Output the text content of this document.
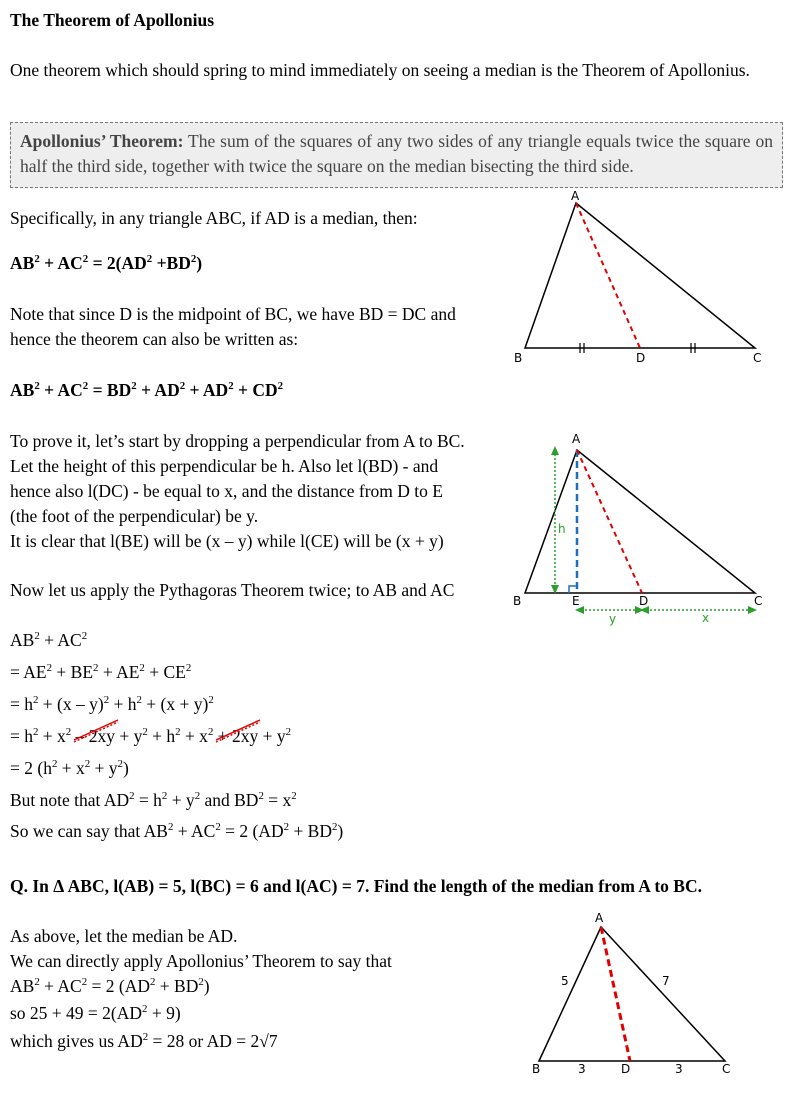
The Theorem of Apollonius

One theorem which should spring to mind immediately on seeing a median is the Theorem of Apollonius.

Apollonius’ Theorem: The sum of the squares of any two sides of any triangle equals twice the square on half the third side, together with twice the square on the median bisecting the third side.
Specifically, in any triangle ABC, if AD is a median, then:
$AB^2 + AC^2 = 2(AD^2 +BD^2)$
Note that since D is the midpoint of BC, we have BD = DC and
hence the theorem can also be written as:
$AB^2 + AC^2 = BD^2 + AD^2 + AD^2 + CD^2$
To prove it, let’s start by dropping a perpendicular from A to BC.
Let the height of this perpendicular be h. Also let l(BD) - and
hence also l(DC) - be equal to x, and the distance from D to E
(the foot of the perpendicular) be y.
It is clear that l(BE) will be (x – y) while l(CE) will be (x + y)
Now let us apply the Pythagoras Theorem twice; to AB and AC
$AB^2 + AC^2$
= $AE^2 + BE^2 + AE^2 + CE^2$
= $h^2 + (x - y)^2 + h^2 + (x + y)^2$
= $h^2 + x^2 - 2xy$
+ $y^2 + h^2 + x^2 + 2xy$
+ $y^2$
= 2 $(h^2 + x^2 + y^2)$
But note that $AD^2 = h^2 + y^2$ and $BD^2 = x^2$
So we can say that $AB^2 + AC^2 = 2$ $(AD^2 + BD^2)$
Q. In Δ ABC, l(AB) = 5, l(BC) = 6 and l(AC) = 7. Find the length of the median from A to BC.
As above, let the median be AD.
We can directly apply Apollonius’ Theorem to say that
$AB^2 + AC^2 = 2$ $(AD^2 + BD^2)$
so $25 + 49 = 2(AD^2 + 9)$
which gives us $AD^2 = 28$ or AD = 2√7
A
B	D	C
h
y	x
A
B	E	D	C
A
B	D	C
5	7
3	3
